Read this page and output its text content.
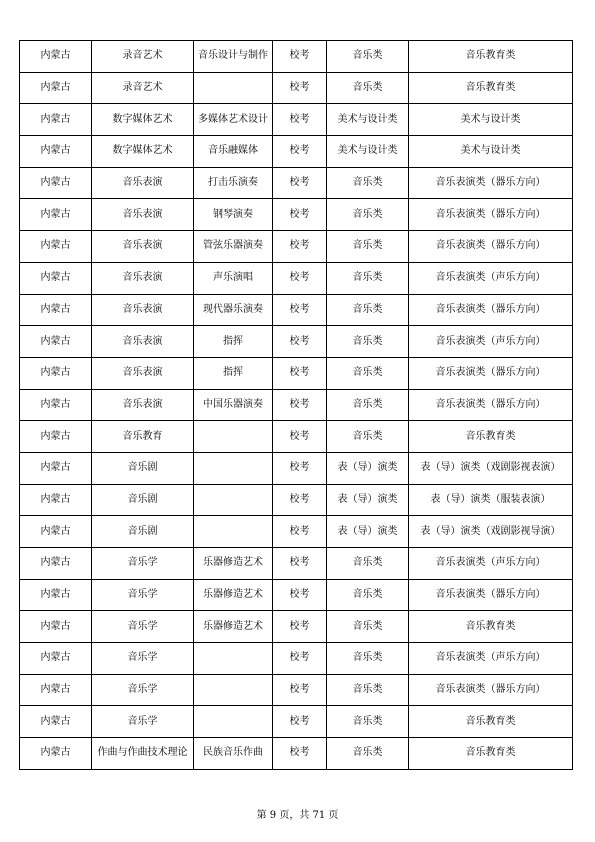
内蒙古	录音艺术	音乐设计与制作	校考	音乐类	音乐教育类
内蒙古	录音艺术		校考	音乐类	音乐教育类
内蒙古	数字媒体艺术	多媒体艺术设计	校考	美术与设计类	美术与设计类
内蒙古	数字媒体艺术	音乐融媒体	校考	美术与设计类	美术与设计类
内蒙古	音乐表演	打击乐演奏	校考	音乐类	音乐表演类（器乐方向）
内蒙古	音乐表演	钢琴演奏	校考	音乐类	音乐表演类（器乐方向）
内蒙古	音乐表演	管弦乐器演奏	校考	音乐类	音乐表演类（器乐方向）
内蒙古	音乐表演	声乐演唱	校考	音乐类	音乐表演类（声乐方向）
内蒙古	音乐表演	现代器乐演奏	校考	音乐类	音乐表演类（器乐方向）
内蒙古	音乐表演	指挥	校考	音乐类	音乐表演类（声乐方向）
内蒙古	音乐表演	指挥	校考	音乐类	音乐表演类（器乐方向）
内蒙古	音乐表演	中国乐器演奏	校考	音乐类	音乐表演类（器乐方向）
内蒙古	音乐教育		校考	音乐类	音乐教育类
内蒙古	音乐剧		校考	表（导）演类	表（导）演类（戏剧影视表演）
内蒙古	音乐剧		校考	表（导）演类	表（导）演类（服装表演）
内蒙古	音乐剧		校考	表（导）演类	表（导）演类（戏剧影视导演）
内蒙古	音乐学	乐器修造艺术	校考	音乐类	音乐表演类（声乐方向）
内蒙古	音乐学	乐器修造艺术	校考	音乐类	音乐表演类（器乐方向）
内蒙古	音乐学	乐器修造艺术	校考	音乐类	音乐教育类
内蒙古	音乐学		校考	音乐类	音乐表演类（声乐方向）
内蒙古	音乐学		校考	音乐类	音乐表演类（器乐方向）
内蒙古	音乐学		校考	音乐类	音乐教育类
内蒙古	作曲与作曲技术理论	民族音乐作曲	校考	音乐类	音乐教育类
第 9 页，共 71 页
